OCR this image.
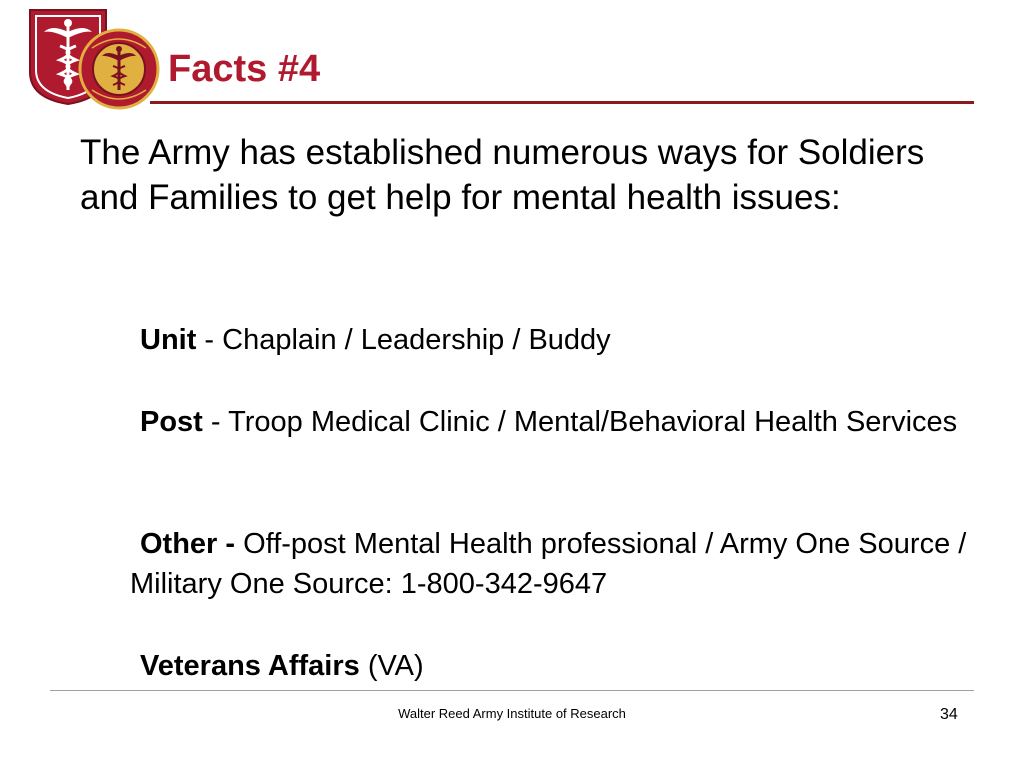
Facts #4

The Army has established numerous ways for Soldiers and Families to get help for mental health issues:

Unit - Chaplain / Leadership / Buddy

Post - Troop Medical Clinic / Mental/Behavioral Health Services

Other - Off-post Mental Health professional / Army One Source / Military One Source: 1-800-342-9647

Veterans Affairs (VA)

Walter Reed Army Institute of Research	34
